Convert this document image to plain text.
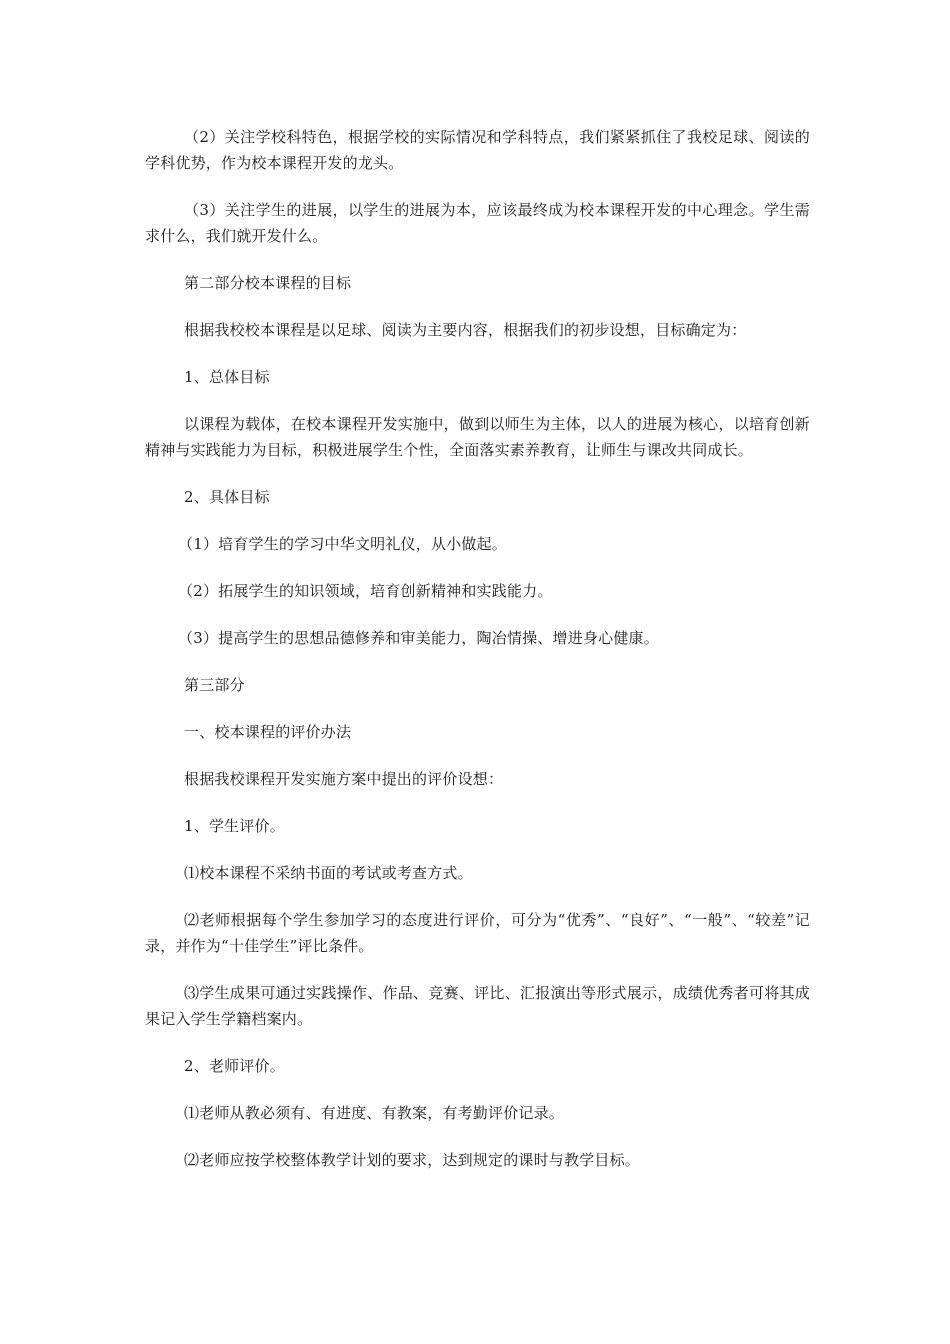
（2）关注学校科特色，根据学校的实际情况和学科特点，我们紧紧抓住了我校足球、阅读的学科优势，作为校本课程开发的龙头。

（3）关注学生的进展，以学生的进展为本，应该最终成为校本课程开发的中心理念。学生需求什么，我们就开发什么。

第二部分校本课程的目标

根据我校校本课程是以足球、阅读为主要内容，根据我们的初步设想，目标确定为：

1、总体目标

以课程为载体，在校本课程开发实施中，做到以师生为主体，以人的进展为核心，以培育创新精神与实践能力为目标，积极进展学生个性，全面落实素养教育，让师生与课改共同成长。

2、具体目标

（1）培育学生的学习中华文明礼仪，从小做起。

（2）拓展学生的知识领域，培育创新精神和实践能力。

（3）提高学生的思想品德修养和审美能力，陶冶情操、增进身心健康。

第三部分

一、校本课程的评价办法

根据我校课程开发实施方案中提出的评价设想：

1、学生评价。

⑴校本课程不采纳书面的考试或考查方式。

⑵老师根据每个学生参加学习的态度进行评价，可分为“优秀”、“良好”、“一般”、“较差”记录，并作为“十佳学生”评比条件。

⑶学生成果可通过实践操作、作品、竞赛、评比、汇报演出等形式展示，成绩优秀者可将其成果记入学生学籍档案内。

2、老师评价。

⑴老师从教必须有、有进度、有教案，有考勤评价记录。

⑵老师应按学校整体教学计划的要求，达到规定的课时与教学目标。
